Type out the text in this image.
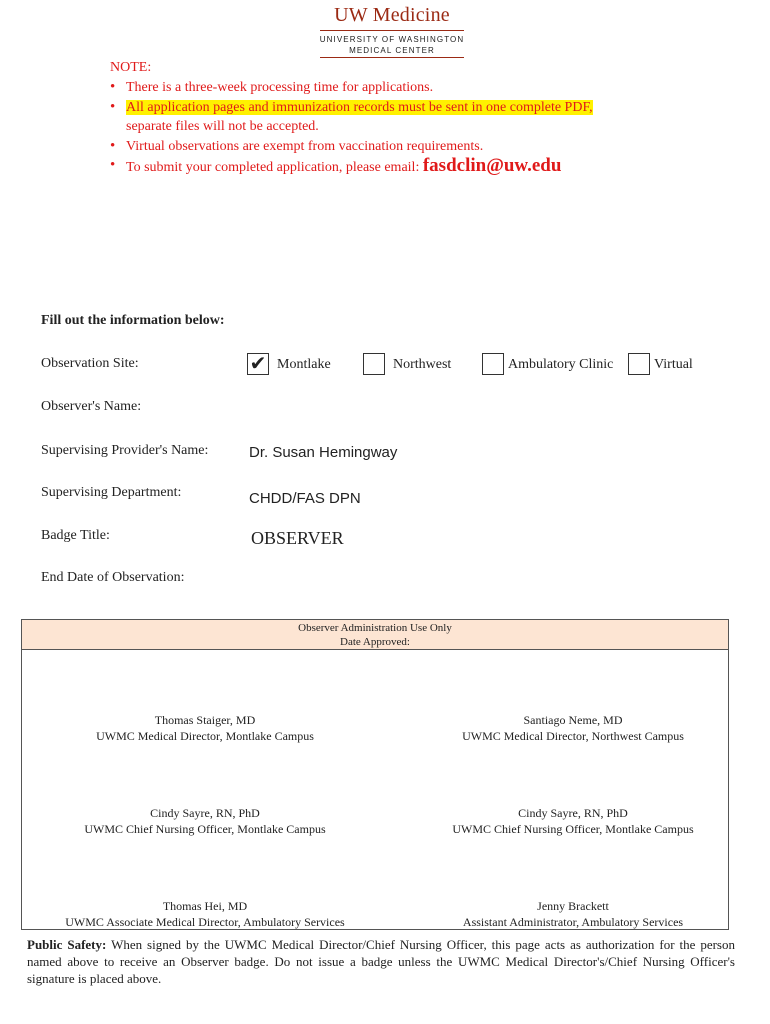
UW Medicine
UNIVERSITY OF WASHINGTON
MEDICAL CENTER
NOTE:
• There is a three-week processing time for applications.
• All application pages and immunization records must be sent in one complete PDF,
separate files will not be accepted.
• Virtual observations are exempt from vaccination requirements.
• To submit your completed application, please email: fasdclin@uw.edu
Fill out the information below:
Observation Site:	✔ Montlake	Northwest	Ambulatory Clinic	Virtual
Observer's Name:
Supervising Provider's Name:	Dr. Susan Hemingway
Supervising Department:	CHDD/FAS DPN
Badge Title:	OBSERVER
End Date of Observation:
Observer Administration Use Only
Date Approved:
Thomas Staiger, MD
UWMC Medical Director, Montlake Campus
Santiago Neme, MD
UWMC Medical Director, Northwest Campus
Cindy Sayre, RN, PhD
UWMC Chief Nursing Officer, Montlake Campus
Cindy Sayre, RN, PhD
UWMC Chief Nursing Officer, Montlake Campus
Thomas Hei, MD
UWMC Associate Medical Director, Ambulatory Services
Jenny Brackett
Assistant Administrator, Ambulatory Services
Public Safety: When signed by the UWMC Medical Director/Chief Nursing Officer, this page acts as authorization for the person named above to receive an Observer badge. Do not issue a badge unless the UWMC Medical Director's/Chief Nursing Officer's signature is placed above.
